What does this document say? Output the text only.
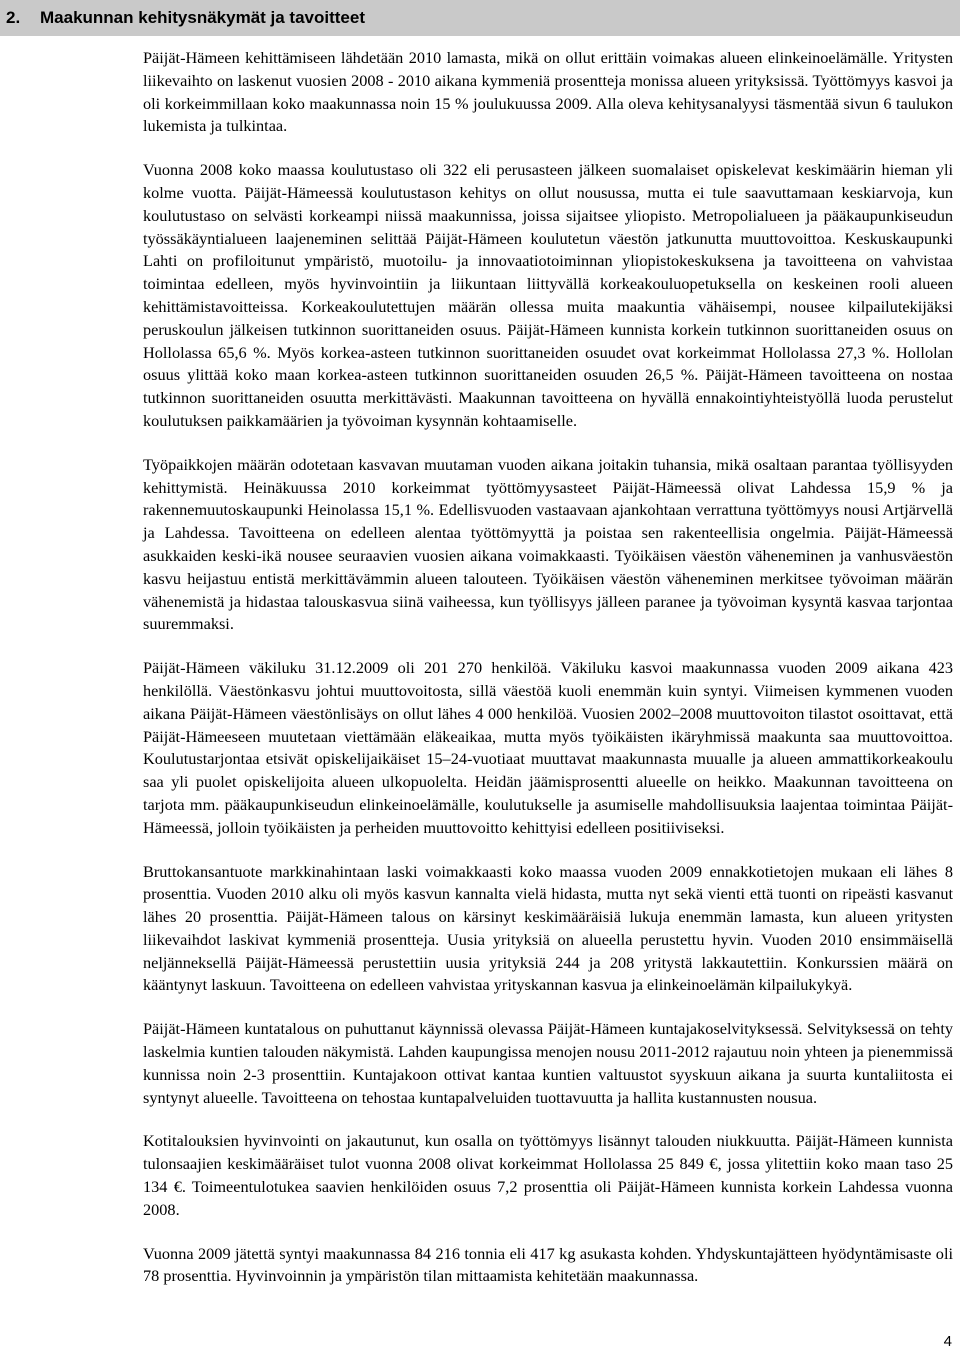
2. Maakunnan kehitysnäkymät ja tavoitteet

Päijät-Hämeen kehittämiseen lähdetään 2010 lamasta, mikä on ollut erittäin voimakas alueen elinkeinoelämälle. Yritysten liikevaihto on laskenut vuosien 2008 - 2010 aikana kymmeniä prosentteja monissa alueen yrityksissä. Työttömyys kasvoi ja oli korkeimmillaan koko maakunnassa noin 15 % joulukuussa 2009. Alla oleva kehitysanalyysi täsmentää sivun 6 taulukon lukemista ja tulkintaa.

Vuonna 2008 koko maassa koulutustaso oli 322 eli perusasteen jälkeen suomalaiset opiskelevat keskimäärin hieman yli kolme vuotta. Päijät-Hämeessä koulutustason kehitys on ollut nousussa, mutta ei tule saavuttamaan keskiarvoja, kun koulutustaso on selvästi korkeampi niissä maakunnissa, joissa sijaitsee yliopisto. Metropolialueen ja pääkaupunkiseudun työssäkäyntialueen laajeneminen selittää Päijät-Hämeen koulutetun väestön jatkunutta muuttovoittoa. Keskuskaupunki Lahti on profiloitunut ympäristö, muotoilu- ja innovaatiotoiminnan yliopistokeskuksena ja tavoitteena on vahvistaa toimintaa edelleen, myös hyvinvointiin ja liikuntaan liittyvällä korkeakouluopetuksella on keskeinen rooli alueen kehittämistavoitteissa. Korkeakoulutettujen määrän ollessa muita maakuntia vähäisempi, nousee kilpailutekijäksi peruskoulun jälkeisen tutkinnon suorittaneiden osuus. Päijät-Hämeen kunnista korkein tutkinnon suorittaneiden osuus on Hollolassa 65,6 %. Myös korkea-asteen tutkinnon suorittaneiden osuudet ovat korkeimmat Hollolassa 27,3 %. Hollolan osuus ylittää koko maan korkea-asteen tutkinnon suorittaneiden osuuden 26,5 %. Päijät-Hämeen tavoitteena on nostaa tutkinnon suorittaneiden osuutta merkittävästi. Maakunnan tavoitteena on hyvällä ennakointiyhteistyöllä luoda perustelut koulutuksen paikkamäärien ja työvoiman kysynnän kohtaamiselle.

Työpaikkojen määrän odotetaan kasvavan muutaman vuoden aikana joitakin tuhansia, mikä osaltaan parantaa työllisyyden kehittymistä. Heinäkuussa 2010 korkeimmat työttömyysasteet Päijät-Hämeessä olivat Lahdessa 15,9 % ja rakennemuutoskaupunki Heinolassa 15,1 %. Edellisvuoden vastaavaan ajankohtaan verrattuna työttömyys nousi Artjärvellä ja Lahdessa. Tavoitteena on edelleen alentaa työttömyyttä ja poistaa sen rakenteellisia ongelmia. Päijät-Hämeessä asukkaiden keski-ikä nousee seuraavien vuosien aikana voimakkaasti. Työikäisen väestön väheneminen ja vanhusväestön kasvu heijastuu entistä merkittävämmin alueen talouteen. Työikäisen väestön väheneminen merkitsee työvoiman määrän vähenemistä ja hidastaa talouskasvua siinä vaiheessa, kun työllisyys jälleen paranee ja työvoiman kysyntä kasvaa tarjontaa suuremmaksi.

Päijät-Hämeen väkiluku 31.12.2009 oli 201 270 henkilöä. Väkiluku kasvoi maakunnassa vuoden 2009 aikana 423 henkilöllä. Väestönkasvu johtui muuttovoitosta, sillä väestöä kuoli enemmän kuin syntyi. Viimeisen kymmenen vuoden aikana Päijät-Hämeen väestönlisäys on ollut lähes 4 000 henkilöä. Vuosien 2002–2008 muuttovoiton tilastot osoittavat, että Päijät-Hämeeseen muutetaan viettämään eläkeaikaa, mutta myös työikäisten ikäryhmissä maakunta saa muuttovoittoa. Koulutustarjontaa etsivät opiskelijaikäiset 15–24-vuotiaat muuttavat maakunnasta muualle ja alueen ammattikorkeakoulu saa yli puolet opiskelijoita alueen ulkopuolelta. Heidän jäämisprosentti alueelle on heikko. Maakunnan tavoitteena on tarjota mm. pääkaupunkiseudun elinkeinoelämälle, koulutukselle ja asumiselle mahdollisuuksia laajentaa toimintaa Päijät-Hämeessä, jolloin työikäisten ja perheiden muuttovoitto kehittyisi edelleen positiiviseksi.

Bruttokansantuote markkinahintaan laski voimakkaasti koko maassa vuoden 2009 ennakkotietojen mukaan eli lähes 8 prosenttia. Vuoden 2010 alku oli myös kasvun kannalta vielä hidasta, mutta nyt sekä vienti että tuonti on ripeästi kasvanut lähes 20 prosenttia. Päijät-Hämeen talous on kärsinyt keskimääräisiä lukuja enemmän lamasta, kun alueen yritysten liikevaihdot laskivat kymmeniä prosentteja. Uusia yrityksiä on alueella perustettu hyvin. Vuoden 2010 ensimmäisellä neljänneksellä Päijät-Hämeessä perustettiin uusia yrityksiä 244 ja 208 yritystä lakkautettiin. Konkurssien määrä on kääntynyt laskuun. Tavoitteena on edelleen vahvistaa yrityskannan kasvua ja elinkeinoelämän kilpailukykyä.

Päijät-Hämeen kuntatalous on puhuttanut käynnissä olevassa Päijät-Hämeen kuntajakoselvityksessä. Selvityksessä on tehty laskelmia kuntien talouden näkymistä. Lahden kaupungissa menojen nousu 2011-2012 rajautuu noin yhteen ja pienemmissä kunnissa noin 2-3 prosenttiin. Kuntajakoon ottivat kantaa kuntien valtuustot syyskuun aikana ja suurta kuntaliitosta ei syntynyt alueelle. Tavoitteena on tehostaa kuntapalveluiden tuottavuutta ja hallita kustannusten nousua.

Kotitalouksien hyvinvointi on jakautunut, kun osalla on työttömyys lisännyt talouden niukkuutta. Päijät-Hämeen kunnista tulonsaajien keskimääräiset tulot vuonna 2008 olivat korkeimmat Hollolassa 25 849 €, jossa ylitettiin koko maan taso 25 134 €. Toimeentulotukea saavien henkilöiden osuus 7,2 prosenttia oli Päijät-Hämeen kunnista korkein Lahdessa vuonna 2008.

Vuonna 2009 jätettä syntyi maakunnassa 84 216 tonnia eli 417 kg asukasta kohden. Yhdyskuntajätteen hyödyntämisaste oli 78 prosenttia. Hyvinvoinnin ja ympäristön tilan mittaamista kehitetään maakunnassa.

4
